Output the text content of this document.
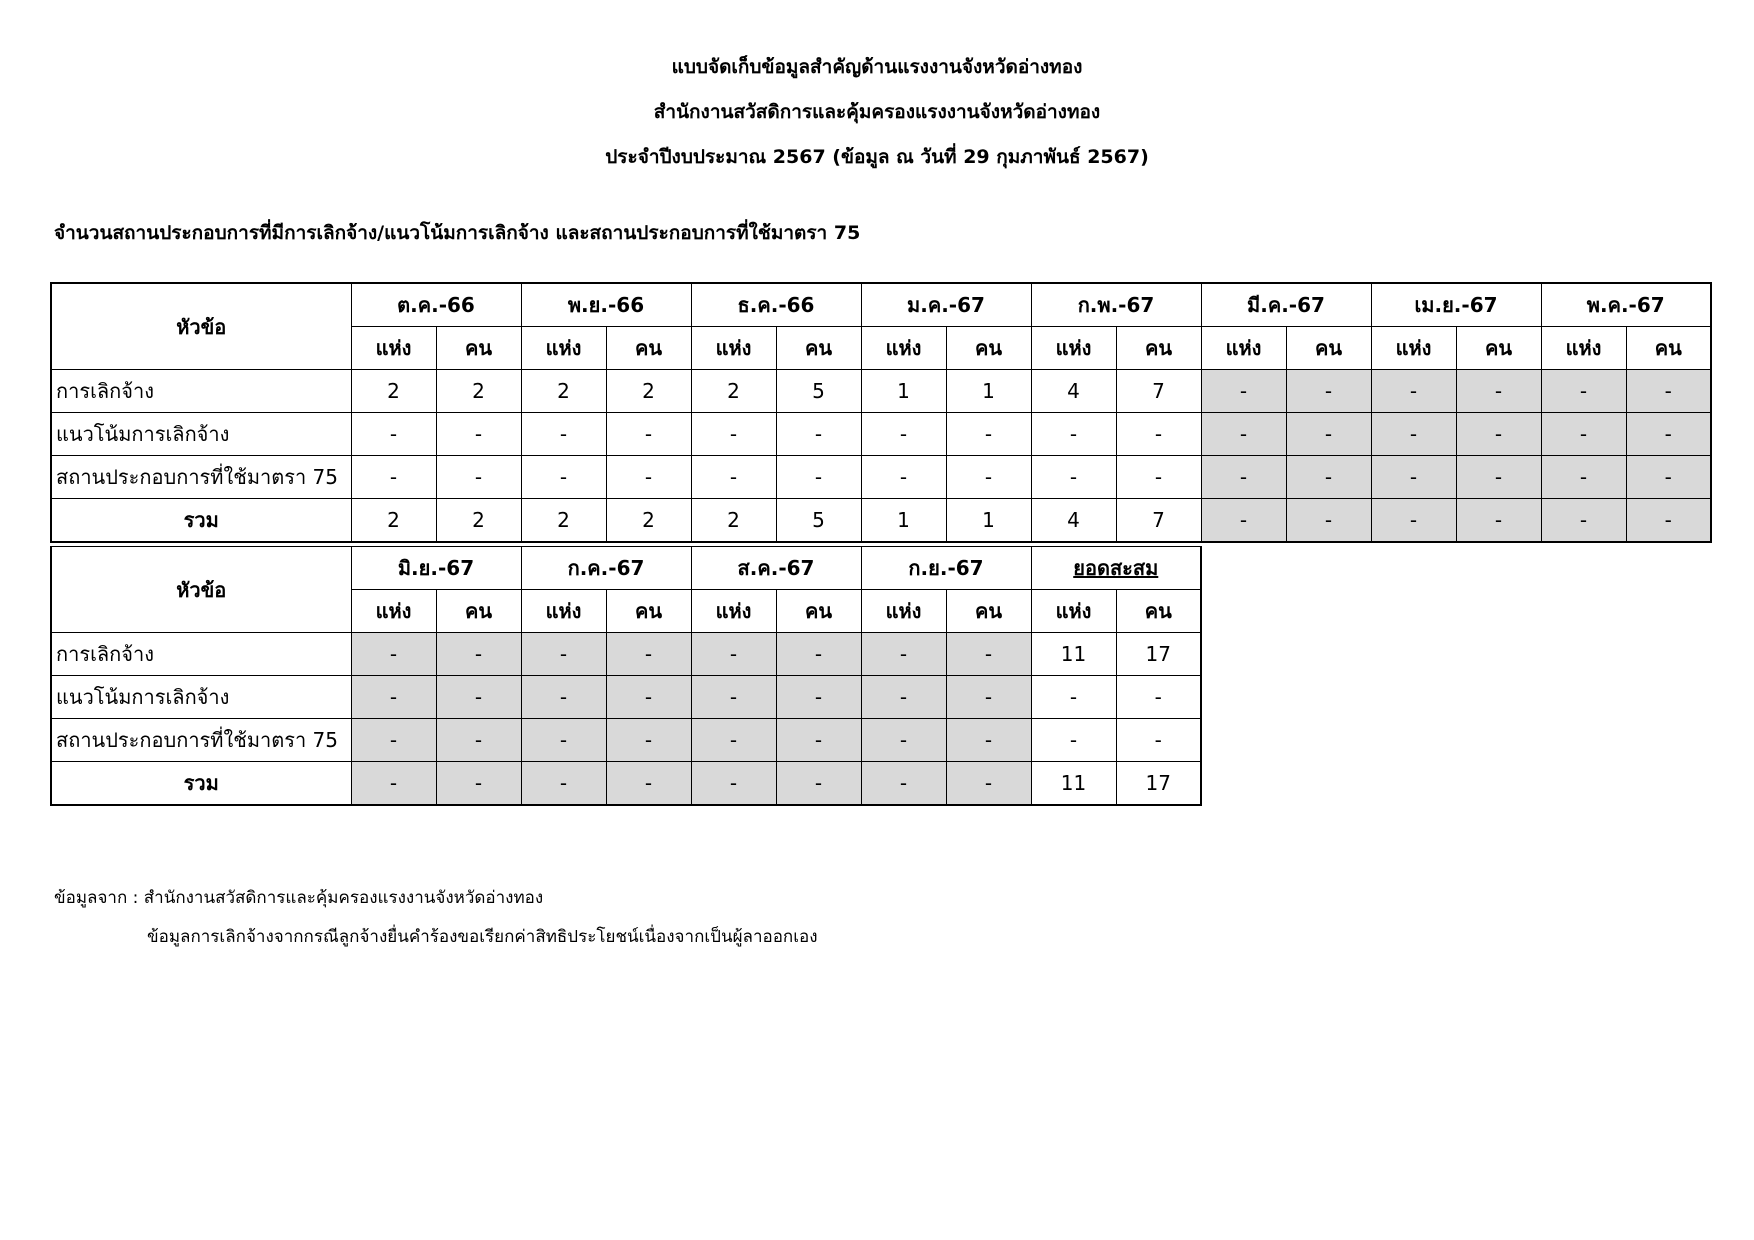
แบบจัดเก็บข้อมูลสำคัญด้านแรงงานจังหวัดอ่างทอง
สำนักงานสวัสดิการและคุ้มครองแรงงานจังหวัดอ่างทอง
ประจำปีงบประมาณ 2567 (ข้อมูล ณ วันที่ 29 กุมภาพันธ์ 2567)
จำนวนสถานประกอบการที่มีการเลิกจ้าง/แนวโน้มการเลิกจ้าง และสถานประกอบการที่ใช้มาตรา 75
หัวข้อ	ต.ค.-66		พ.ย.-66		ธ.ค.-66		ม.ค.-67		ก.พ.-67		มี.ค.-67		เม.ย.-67		พ.ค.-67	
	แห่ง	คน	แห่ง	คน	แห่ง	คน	แห่ง	คน	แห่ง	คน	แห่ง	คน	แห่ง	คน	แห่ง	คน
การเลิกจ้าง	2	2	2	2	2	5	1	1	4	7	-	-	-	-	-	-
แนวโน้มการเลิกจ้าง	-	-	-	-	-	-	-	-	-	-	-	-	-	-	-	-
สถานประกอบการที่ใช้มาตรา 75	-	-	-	-	-	-	-	-	-	-	-	-	-	-	-	-
รวม	2	2	2	2	2	5	1	1	4	7	-	-	-	-	-	-
หัวข้อ	มิ.ย.-67		ก.ค.-67		ส.ค.-67		ก.ย.-67		ยอดสะสม	
	แห่ง	คน	แห่ง	คน	แห่ง	คน	แห่ง	คน	แห่ง	คน
การเลิกจ้าง	-	-	-	-	-	-	-	-	11	17
แนวโน้มการเลิกจ้าง	-	-	-	-	-	-	-	-	-	-
สถานประกอบการที่ใช้มาตรา 75	-	-	-	-	-	-	-	-	-	-
รวม	-	-	-	-	-	-	-	-	11	17
ข้อมูลจาก : สำนักงานสวัสดิการและคุ้มครองแรงงานจังหวัดอ่างทอง
ข้อมูลการเลิกจ้างจากกรณีลูกจ้างยื่นคำร้องขอเรียกค่าสิทธิประโยชน์เนื่องจากเป็นผู้ลาออกเอง
